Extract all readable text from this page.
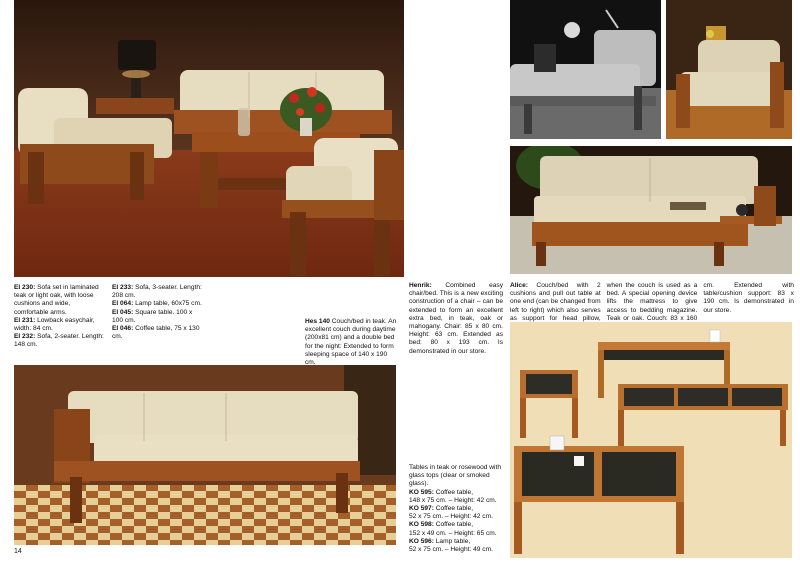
El 230: Sofa set in laminated teak or light oak, with loose cushions and wide, comfortable arms.

El 231: Lowback easychair, width: 84 cm.

El 232: Sofa, 2-seater. Length: 148 cm.

El 233: Sofa, 3-seater. Length: 208 cm.

El 064: Lamp table, 60x75 cm.

El 045: Square table. 100 x 100 cm.

El 046: Coffee table, 75 x 130 cm.

Hes 140 Couch/bed in teak. An excellent couch during daytime (200x81 cm) and a double bed for the night: Extended to form sleeping space of 140 x 190 cm.

Henrik: Combined easy chair/bed. This is a new exciting construction of a chair – can be extended to form an excellent extra bed, in teak, oak or mahogany. Chair: 85 x 80 cm. Height: 63 cm. Extended as bed: 80 x 193 cm. Is demonstrated in our store.

Alice: Couch/bed with 2 cushions and pull out table at one end (can be changed from left to right) which also serves as support for head pillow, when the couch is used as a bed. A special opening device lifts the mattress to give access to bedding magazine. Teak or oak. Couch: 83 x 160 cm. Extended with table/cushion support: 83 x 190 cm. Is demonstrated in our store.

Tables in teak or rosewood with glass tops (clear or smoked glass).

KO 595: Coffee table,
148 x 75 cm. – Height: 42 cm.

KO 597: Coffee table,
52 x 75 cm. – Height: 42 cm.

KO 598: Coffee table,
152 x 49 cm. – Height: 65 cm.

KO 596: Lamp table,
52 x 75 cm. – Height: 49 cm.

14
